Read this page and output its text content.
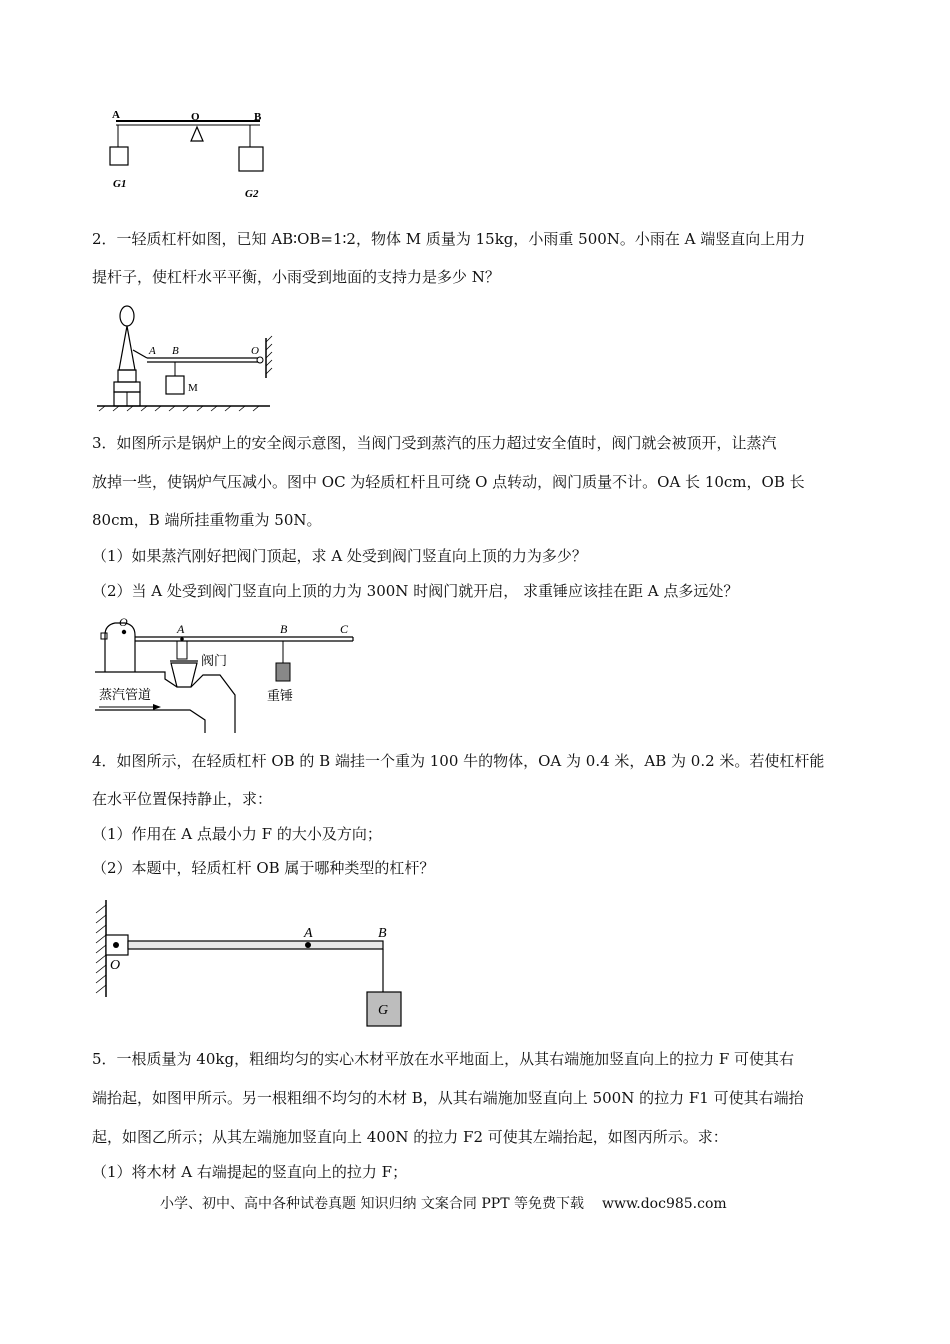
A	O	B
G1
G2
2．一轻质杠杆如图，已知 AB∶OB=1∶2，物体 M 质量为 15kg，小雨重 500N。小雨在 A 端竖直向上用力
提杆子，使杠杆水平平衡，小雨受到地面的支持力是多少 N？
A B	O
M
3．如图所示是锅炉上的安全阀示意图，当阀门受到蒸汽的压力超过安全值时，阀门就会被顶开，让蒸汽
放掉一些，使锅炉气压减小。图中 OC 为轻质杠杆且可绕 O 点转动，阀门质量不计。OA 长 10cm，OB 长
80cm，B 端所挂重物重为 50N。
（1）如果蒸汽刚好把阀门顶起，求 A 处受到阀门竖直向上顶的力为多少？
（2）当 A 处受到阀门竖直向上顶的力为 300N 时阀门就开启， 求重锤应该挂在距 A 点多远处？
O	A	B	C
阀门
重锤
蒸汽管道
4．如图所示，在轻质杠杆 OB 的 B 端挂一个重为 100 牛的物体，OA 为 0.4 米，AB 为 0.2 米。若使杠杆能
在水平位置保持静止，求：
（1）作用在 A 点最小力 F 的大小及方向；
（2）本题中，轻质杠杆 OB 属于哪种类型的杠杆？
O
A	B
G
5．一根质量为 40kg，粗细均匀的实心木材平放在水平地面上，从其右端施加竖直向上的拉力 F 可使其右
端抬起，如图甲所示。另一根粗细不均匀的木材 B，从其右端施加竖直向上 500N 的拉力 F1 可使其右端抬
起，如图乙所示；从其左端施加竖直向上 400N 的拉力 F2 可使其左端抬起，如图丙所示。求：
（1）将木材 A 右端提起的竖直向上的拉力 F；
小学、初中、高中各种试卷真题 知识归纳 文案合同 PPT 等免费下载 www.doc985.com
